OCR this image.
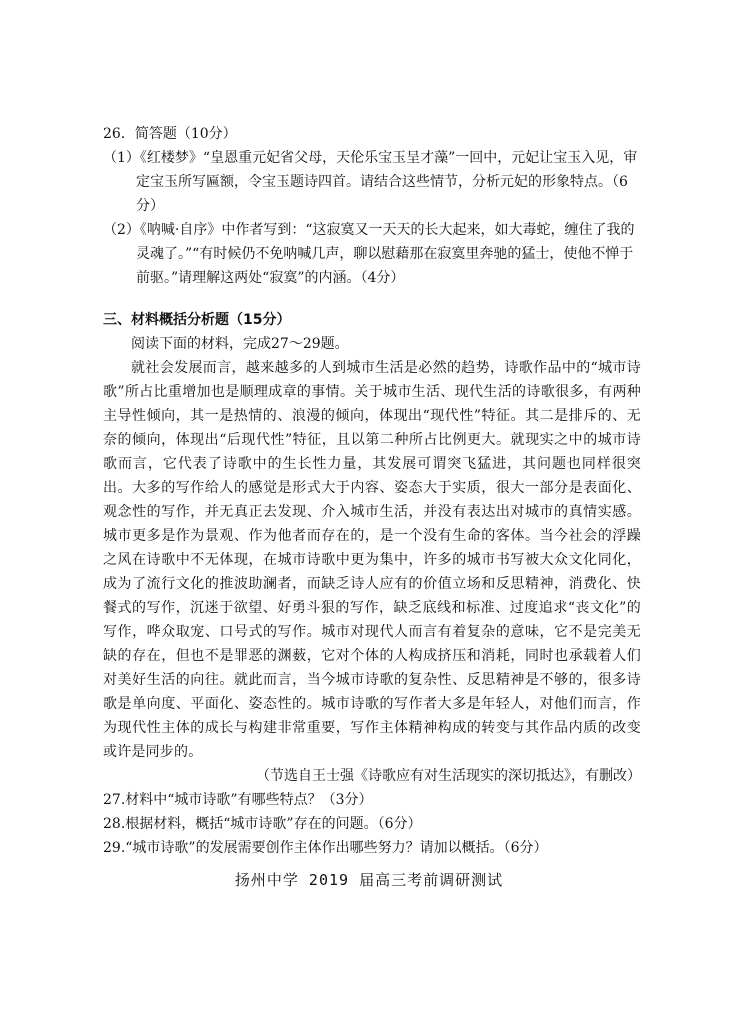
26．简答题（10分）

（1）《红楼梦》“皇恩重元妃省父母，天伦乐宝玉呈才藻”一回中，元妃让宝玉入见，审定宝玉所写匾额，令宝玉题诗四首。请结合这些情节，分析元妃的形象特点。（6分）

（2）《呐喊·自序》中作者写到：“这寂寞又一天天的长大起来，如大毒蛇，缠住了我的灵魂了。”“有时候仍不免呐喊几声，聊以慰藉那在寂寞里奔驰的猛士，使他不惮于前驱。”请理解这两处“寂寞”的内涵。（4分）

三、材料概括分析题（15分）

阅读下面的材料，完成27～29题。

就社会发展而言，越来越多的人到城市生活是必然的趋势，诗歌作品中的“城市诗歌”所占比重增加也是顺理成章的事情。关于城市生活、现代生活的诗歌很多，有两种主导性倾向，其一是热情的、浪漫的倾向，体现出“现代性”特征。其二是排斥的、无奈的倾向，体现出“后现代性”特征，且以第二种所占比例更大。就现实之中的城市诗歌而言，它代表了诗歌中的生长性力量，其发展可谓突飞猛进，其问题也同样很突出。大多的写作给人的感觉是形式大于内容、姿态大于实质，很大一部分是表面化、观念性的写作，并无真正去发现、介入城市生活，并没有表达出对城市的真情实感。城市更多是作为景观、作为他者而存在的，是一个没有生命的客体。当今社会的浮躁之风在诗歌中不无体现，在城市诗歌中更为集中，许多的城市书写被大众文化同化，成为了流行文化的推波助澜者，而缺乏诗人应有的价值立场和反思精神，消费化、快餐式的写作，沉迷于欲望、好勇斗狠的写作，缺乏底线和标准、过度追求“丧文化”的写作，哗众取宠、口号式的写作。城市对现代人而言有着复杂的意味，它不是完美无缺的存在，但也不是罪恶的渊薮，它对个体的人构成挤压和消耗，同时也承载着人们对美好生活的向往。就此而言，当今城市诗歌的复杂性、反思精神是不够的，很多诗歌是单向度、平面化、姿态性的。城市诗歌的写作者大多是年轻人，对他们而言，作为现代性主体的成长与构建非常重要，写作主体精神构成的转变与其作品内质的改变或许是同步的。

（节选自王士强《诗歌应有对生活现实的深切抵达》，有删改）

27.材料中“城市诗歌”有哪些特点？（3分）

28.根据材料，概括“城市诗歌”存在的问题。（6分）

29.“城市诗歌”的发展需要创作主体作出哪些努力？请加以概括。（6分）

扬州中学 2019 届高三考前调研测试
